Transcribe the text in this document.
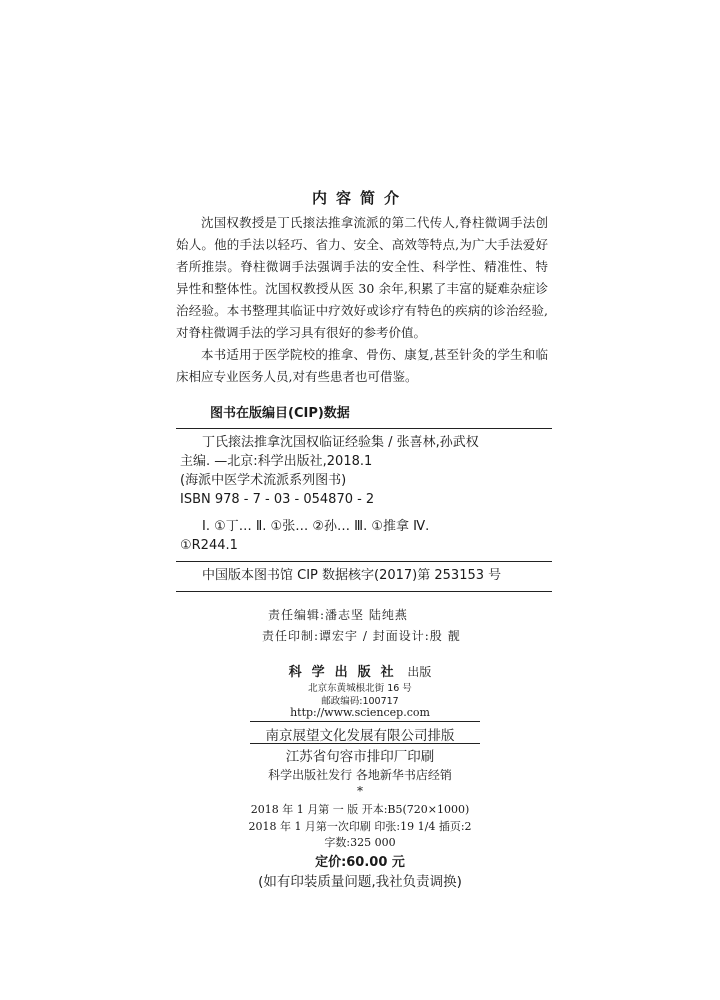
内容简介

沈国权教授是丁氏㨰法推拿流派的第二代传人,脊柱微调手法创始人。他的手法以轻巧、省力、安全、高效等特点,为广大手法爱好者所推崇。脊柱微调手法强调手法的安全性、科学性、精准性、特异性和整体性。沈国权教授从医 30 余年,积累了丰富的疑难杂症诊治经验。本书整理其临证中疗效好或诊疗有特色的疾病的诊治经验,对脊柱微调手法的学习具有很好的参考价值。

本书适用于医学院校的推拿、骨伤、康复,甚至针灸的学生和临床相应专业医务人员,对有些患者也可借鉴。

图书在版编目(CIP)数据
丁氏㨰法推拿沈国权临证经验集 / 张喜林,孙武权
主编. —北京:科学出版社,2018.1
(海派中医学术流派系列图书)
ISBN 978 - 7 - 03 - 054870 - 2
Ⅰ. ①丁… Ⅱ. ①张… ②孙… Ⅲ. ①推拿 Ⅳ.
①R244.1
中国版本图书馆 CIP 数据核字(2017)第 253153 号
责任编辑:潘志坚 陆纯燕
责任印制:谭宏宇 / 封面设计:殷 靓
科学出版社 出版
北京东黄城根北街 16 号
邮政编码:100717
http://www.sciencep.com
南京展望文化发展有限公司排版
江苏省句容市排印厂印刷
科学出版社发行 各地新华书店经销
*
2018 年 1 月第 一 版 开本:B5(720×1000)
2018 年 1 月第一次印刷 印张:19 1/4 插页:2
字数:325 000
定价:60.00 元
(如有印装质量问题,我社负责调换)
